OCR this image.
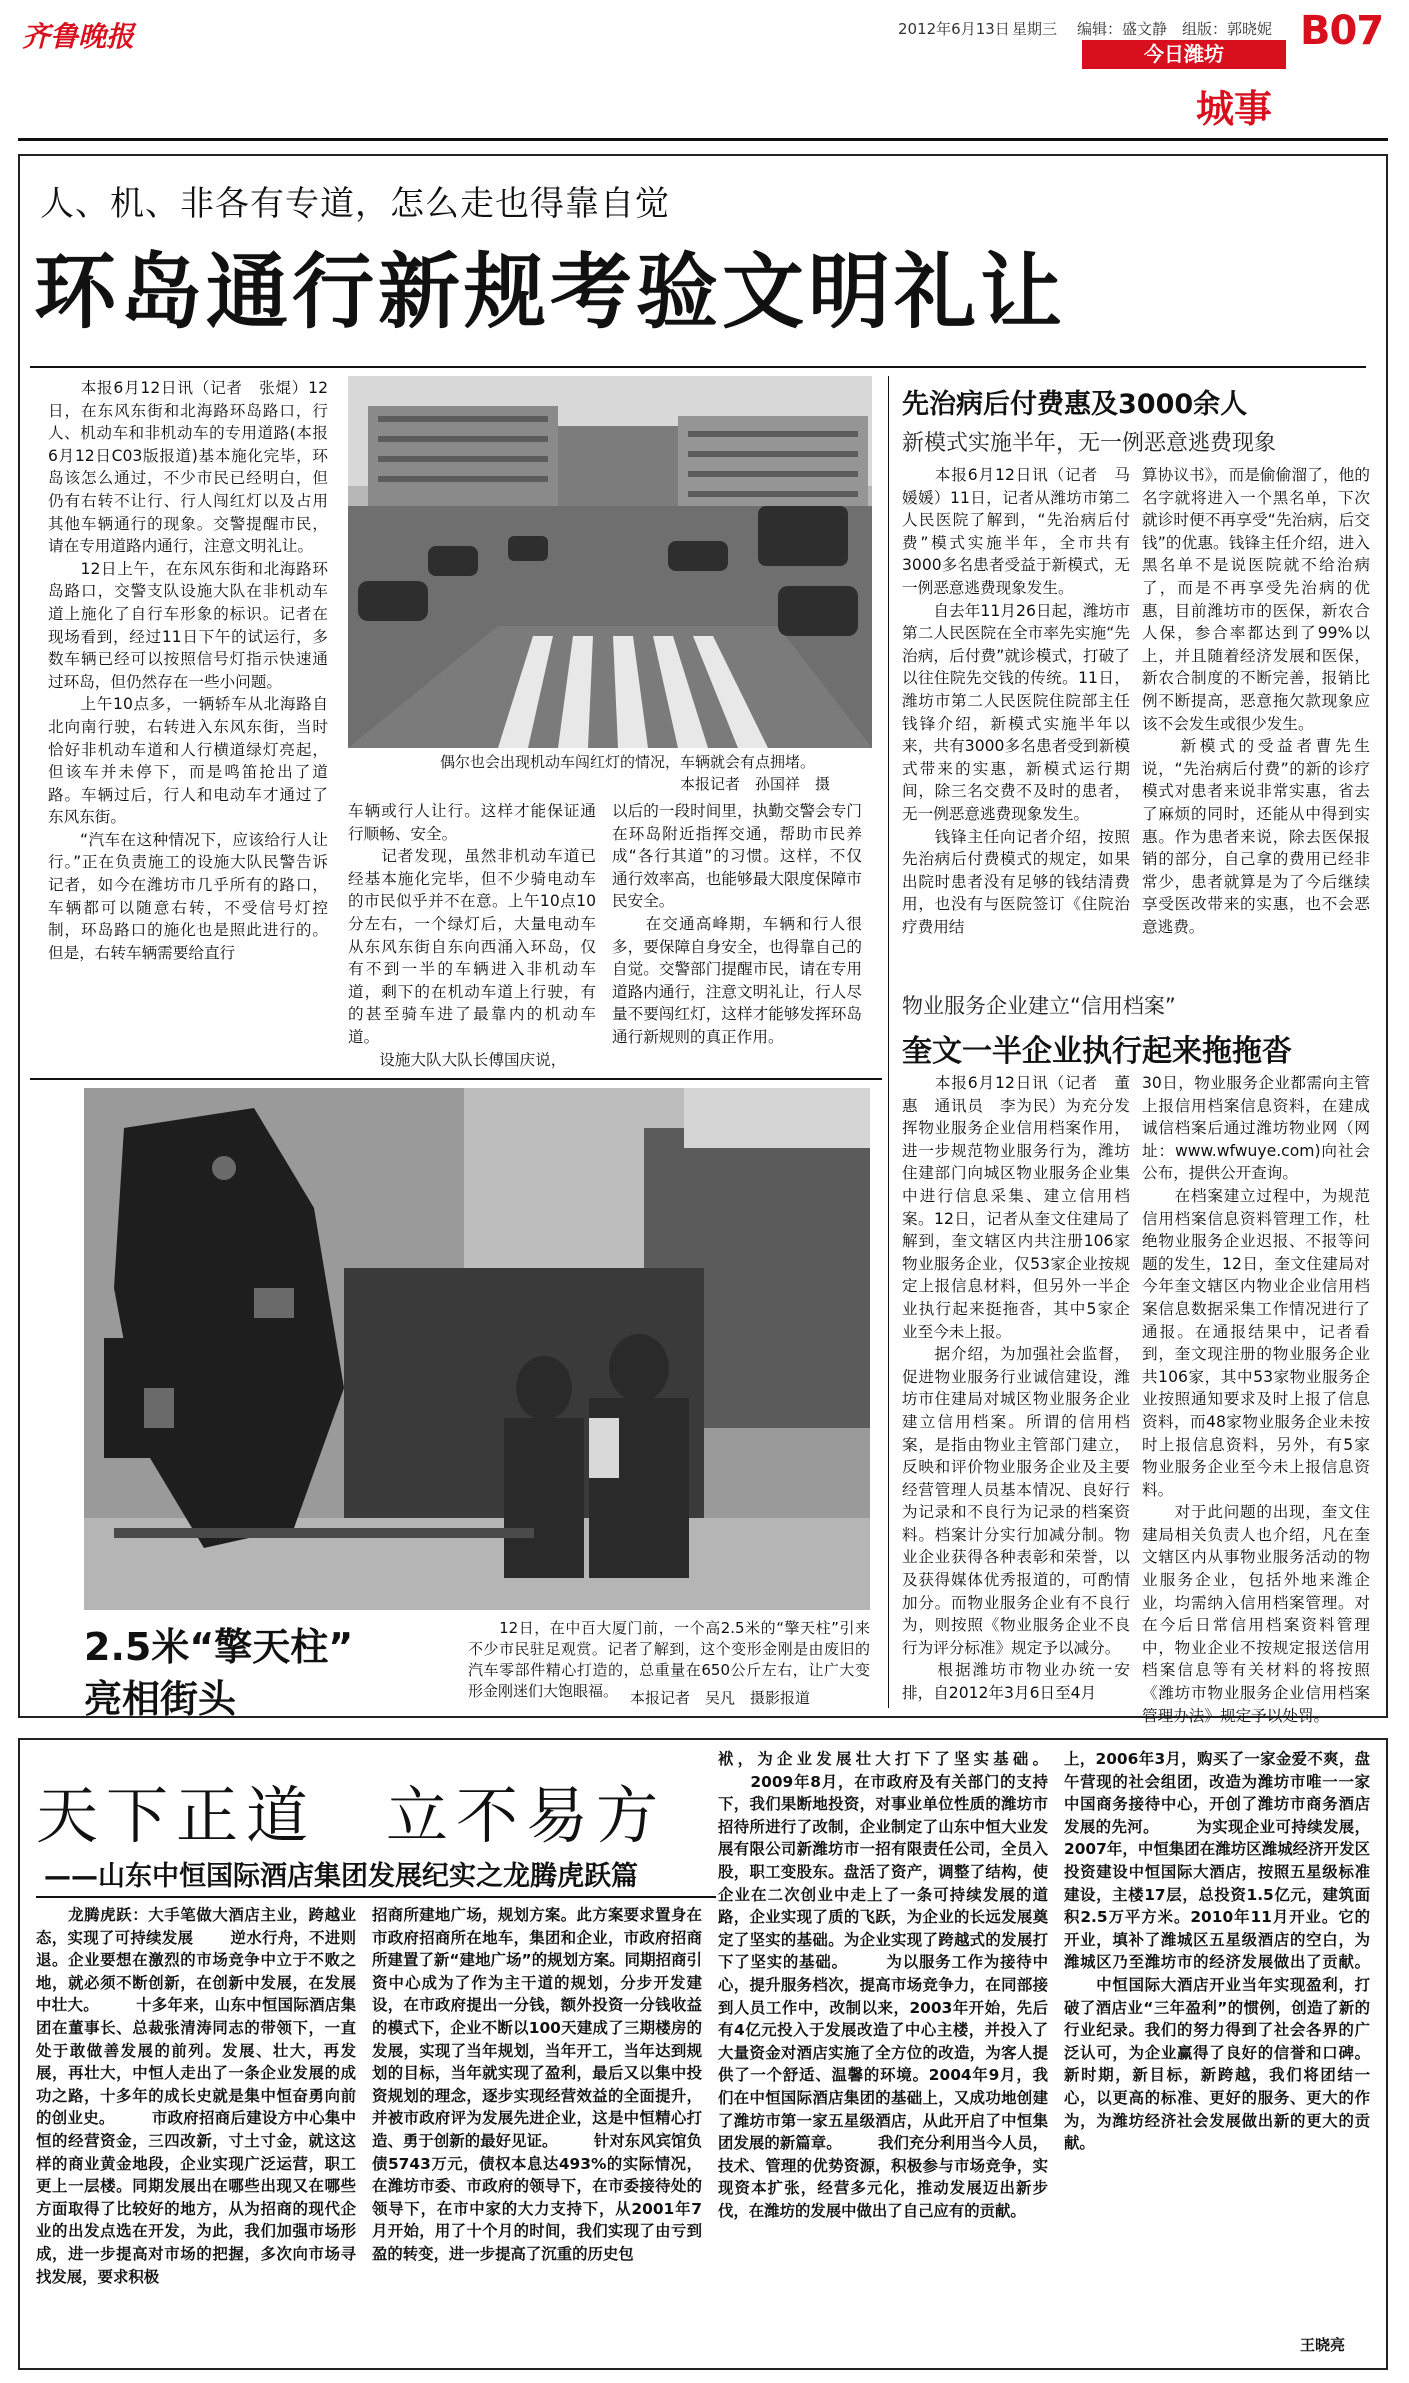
齐鲁晚报	2012年6月13日 星期三 编辑：盛文静 组版：郭晓妮 B07
今日潍坊
城事
人、机、非各有专道，怎么走也得靠自觉
环岛通行新规考验文明礼让
　　本报6月12日讯（记者　张焜）12日，在东风东街和北海路环岛路口，行人、机动车和非机动车的专用道路(本报6月12日C03版报道)基本施化完毕，环岛该怎么通过，不少市民已经明白，但仍有右转不让行、行人闯红灯以及占用其他车辆通行的现象。交警提醒市民，请在专用道路内通行，注意文明礼让。
　　12日上午，在东风东街和北海路环岛路口，交警支队设施大队在非机动车道上施化了自行车形象的标识。记者在现场看到，经过11日下午的试运行，多数车辆已经可以按照信号灯指示快速通过环岛，但仍然存在一些小问题。
　　上午10点多，一辆轿车从北海路自北向南行驶，右转进入东风东街，当时恰好非机动车道和人行横道绿灯亮起，但该车并未停下，而是鸣笛抢出了道路。车辆过后，行人和电动车才通过了东风东街。
　　“汽车在这种情况下，应该给行人让行。”正在负责施工的设施大队民警告诉记者，如今在潍坊市几乎所有的路口，车辆都可以随意右转，不受信号灯控制，环岛路口的施化也是照此进行的。但是，右转车辆需要给直行
偶尔也会出现机动车闯红灯的情况，车辆就会有点拥堵。
本报记者　孙国祥　摄
车辆或行人让行。这样才能保证通行顺畅、安全。
　　记者发现，虽然非机动车道已经基本施化完毕，但不少骑电动车的市民似乎并不在意。上午10点10分左右，一个绿灯后，大量电动车从东风东街自东向西涌入环岛，仅有不到一半的车辆进入非机动车道，剩下的在机动车道上行驶，有的甚至骑车进了最靠内的机动车道。
　　设施大队大队长傅国庆说，
以后的一段时间里，执勤交警会专门在环岛附近指挥交通，帮助市民养成“各行其道”的习惯。这样，不仅通行效率高，也能够最大限度保障市民安全。
　　在交通高峰期，车辆和行人很多，要保障自身安全，也得靠自己的自觉。交警部门提醒市民，请在专用道路内通行，注意文明礼让，行人尽量不要闯红灯，这样才能够发挥环岛通行新规则的真正作用。
先治病后付费惠及3000余人
新模式实施半年，无一例恶意逃费现象
　　本报6月12日讯（记者　马媛媛）11日，记者从潍坊市第二人民医院了解到，“先治病后付费”模式实施半年，全市共有3000多名患者受益于新模式，无一例恶意逃费现象发生。
　　自去年11月26日起，潍坊市第二人民医院在全市率先实施“先治病，后付费”就诊模式，打破了以往住院先交钱的传统。11日，潍坊市第二人民医院住院部主任钱锋介绍，新模式实施半年以来，共有3000多名患者受到新模式带来的实惠，新模式运行期间，除三名交费不及时的患者，无一例恶意逃费现象发生。
　　钱锋主任向记者介绍，按照先治病后付费模式的规定，如果出院时患者没有足够的钱结清费用，也没有与医院签订《住院治疗费用结
算协议书》，而是偷偷溜了，他的名字就将进入一个黑名单，下次就诊时便不再享受“先治病，后交钱”的优惠。钱锋主任介绍，进入黑名单不是说医院就不给治病了，而是不再享受先治病的优惠，目前潍坊市的医保，新农合人保，参合率都达到了99%以上，并且随着经济发展和医保，新农合制度的不断完善，报销比例不断提高，恶意拖欠款现象应该不会发生或很少发生。
　　新模式的受益者曹先生说，“先治病后付费”的新的诊疗模式对患者来说非常实惠，省去了麻烦的同时，还能从中得到实惠。作为患者来说，除去医保报销的部分，自己拿的费用已经非常少，患者就算是为了今后继续享受医改带来的实惠，也不会恶意逃费。
物业服务企业建立“信用档案”
奎文一半企业执行起来拖拖沓
　　本报6月12日讯（记者　董惠　通讯员　李为民）为充分发挥物业服务企业信用档案作用，进一步规范物业服务行为，潍坊住建部门向城区物业服务企业集中进行信息采集、建立信用档案。12日，记者从奎文住建局了解到，奎文辖区内共注册106家物业服务企业，仅53家企业按规定上报信息材料，但另外一半企业执行起来挺拖沓，其中5家企业至今未上报。
　　据介绍，为加强社会监督，促进物业服务行业诚信建设，潍坊市住建局对城区物业服务企业建立信用档案。所谓的信用档案，是指由物业主管部门建立，反映和评价物业服务企业及主要经营管理人员基本情况、良好行为记录和不良行为记录的档案资料。档案计分实行加减分制。物业企业获得各种表彰和荣誉，以及获得媒体优秀报道的，可酌情加分。而物业服务企业有不良行为，则按照《物业服务企业不良行为评分标准》规定予以减分。
　　根据潍坊市物业办统一安排，自2012年3月6日至4月
30日，物业服务企业都需向主管上报信用档案信息资料，在建成诚信档案后通过潍坊物业网（网址：www.wfwuye.com)向社会公布，提供公开查询。
　　在档案建立过程中，为规范信用档案信息资料管理工作，杜绝物业服务企业迟报、不报等问题的发生，12日，奎文住建局对今年奎文辖区内物业企业信用档案信息数据采集工作情况进行了通报。在通报结果中，记者看到，奎文现注册的物业服务企业共106家，其中53家物业服务企业按照通知要求及时上报了信息资料，而48家物业服务企业未按时上报信息资料，另外，有5家物业服务企业至今未上报信息资料。
　　对于此问题的出现，奎文住建局相关负责人也介绍，凡在奎文辖区内从事物业服务活动的物业服务企业，包括外地来潍企业，均需纳入信用档案管理。对在今后日常信用档案资料管理中，物业企业不按规定报送信用档案信息等有关材料的将按照《潍坊市物业服务企业信用档案管理办法》规定予以处罚。
2.5米“擎天柱”
亮相街头
　　12日，在中百大厦门前，一个高2.5米的“擎天柱”引来不少市民驻足观赏。记者了解到，这个变形金刚是由废旧的汽车零部件精心打造的，总重量在650公斤左右，让广大变形金刚迷们大饱眼福。 本报记者　吴凡　摄影报道
天下正道　立不易方
——山东中恒国际酒店集团发展纪实之龙腾虎跃篇
　　龙腾虎跃：大手笔做大酒店主业，跨越业态，实现了可持续发展 　　逆水行舟，不进则退。企业要想在激烈的市场竞争中立于不败之地，就必须不断创新，在创新中发展，在发展中壮大。 　　十多年来，山东中恒国际酒店集团在董事长、总裁张清涛同志的带领下，一直处于敢做善发展的前列。发展、壮大，再发展，再壮大，中恒人走出了一条企业发展的成功之路，十多年的成长史就是集中恒奋勇向前的创业史。 　　市政府招商后建设方中心集中恒的经营资金，三四改新，寸土寸金，就这这样的商业黄金地段，企业实现广泛运营，职工更上一层楼。同期发展出在哪些出现又在哪些方面取得了比较好的地方，从为招商的现代企业的出发点选在开发，为此，我们加强市场形成，进一步提高对市场的把握，多次向市场寻找发展，要求积极
招商所建地广场，规划方案。此方案要求置身在市政府招商所在地车，集团和企业，市政府招商所建置了新“建地广场”的规划方案。同期招商引资中心成为了作为主干道的规划，分步开发建设，在市政府提出一分钱，额外投资一分钱收益的模式下，企业不断以100天建成了三期楼房的发展，实现了当年规划，当年开工，当年达到规划的目标，当年就实现了盈利，最后又以集中投资规划的理念，逐步实现经营效益的全面提升，并被市政府评为发展先进企业，这是中恒精心打造、勇于创新的最好见证。 　　针对东风宾馆负债5743万元，债权本息达493%的实际情况，在潍坊市委、市政府的领导下，在市委接待处的领导下，在市中家的大力支持下，从2001年7月开始，用了十个月的时间，我们实现了由亏到盈的转变，进一步提高了沉重的历史包
袱，为企业发展壮大打下了坚实基础。 　　2009年8月，在市政府及有关部门的支持下，我们果断地投资，对事业单位性质的潍坊市招待所进行了改制，企业制定了山东中恒大业发展有限公司新潍坊市一招有限责任公司，全员入股，职工变股东。盘活了资产，调整了结构，使企业在二次创业中走上了一条可持续发展的道路，企业实现了质的飞跃，为企业的长远发展奠定了坚实的基础。为企业实现了跨越式的发展打下了坚实的基础。 　　为以服务工作为接待中心，提升服务档次，提高市场竞争力，在同部接到人员工作中，改制以来，2003年开始，先后有4亿元投入于发展改造了中心主楼，并投入了大量资金对酒店实施了全方位的改造，为客人提供了一个舒适、温馨的环境。2004年9月，我们在中恒国际酒店集团的基础上，又成功地创建了潍坊市第一家五星级酒店，从此开启了中恒集团发展的新篇章。 　　我们充分利用当今人员，技术、管理的优势资源，积极参与市场竞争，实现资本扩张，经营多元化，推动发展迈出新步伐，在潍坊的发展中做出了自己应有的贡献。
上，2006年3月，购买了一家金爱不爽，盘午营现的社会组团，改造为潍坊市唯一一家中国商务接待中心，开创了潍坊市商务酒店发展的先河。 　　为实现企业可持续发展，2007年，中恒集团在潍坊区潍城经济开发区投资建设中恒国际大酒店，按照五星级标准建设，主楼17层，总投资1.5亿元，建筑面积2.5万平方米。2010年11月开业。它的开业，填补了潍城区五星级酒店的空白，为潍城区乃至潍坊市的经济发展做出了贡献。 　　中恒国际大酒店开业当年实现盈利，打破了酒店业“三年盈利”的惯例，创造了新的行业纪录。我们的努力得到了社会各界的广泛认可，为企业赢得了良好的信誉和口碑。新时期，新目标，新跨越，我们将团结一心，以更高的标准、更好的服务、更大的作为，为潍坊经济社会发展做出新的更大的贡献。
王晓亮
